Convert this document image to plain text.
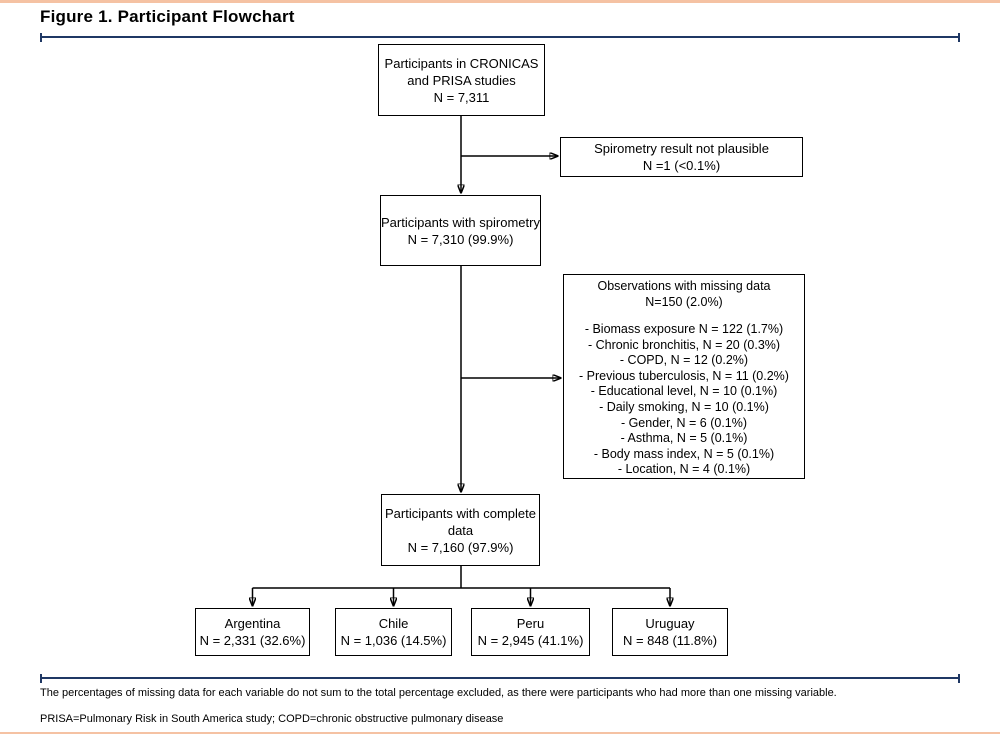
Figure 1. Participant Flowchart
Participants in CRONICAS
and PRISA studies
N = 7,311
Spirometry result not plausible
N =1 (<0.1%)
Participants with spirometry
N = 7,310 (99.9%)
Observations with missing data
N=150 (2.0%)
- Biomass exposure N = 122 (1.7%)
- Chronic bronchitis, N = 20 (0.3%)
- COPD, N = 12 (0.2%)
- Previous tuberculosis, N = 11 (0.2%)
- Educational level, N = 10 (0.1%)
- Daily smoking, N = 10 (0.1%)
- Gender, N = 6 (0.1%)
- Asthma, N = 5 (0.1%)
- Body mass index, N = 5 (0.1%)
- Location, N = 4 (0.1%)
Participants with complete
data
N = 7,160 (97.9%)
Argentina
N = 2,331 (32.6%)
Chile
N = 1,036 (14.5%)
Peru
N = 2,945 (41.1%)
Uruguay
N = 848 (11.8%)

The percentages of missing data for each variable do not sum to the total percentage excluded, as there were participants who had more than one missing variable.

PRISA=Pulmonary Risk in South America study; COPD=chronic obstructive pulmonary disease
